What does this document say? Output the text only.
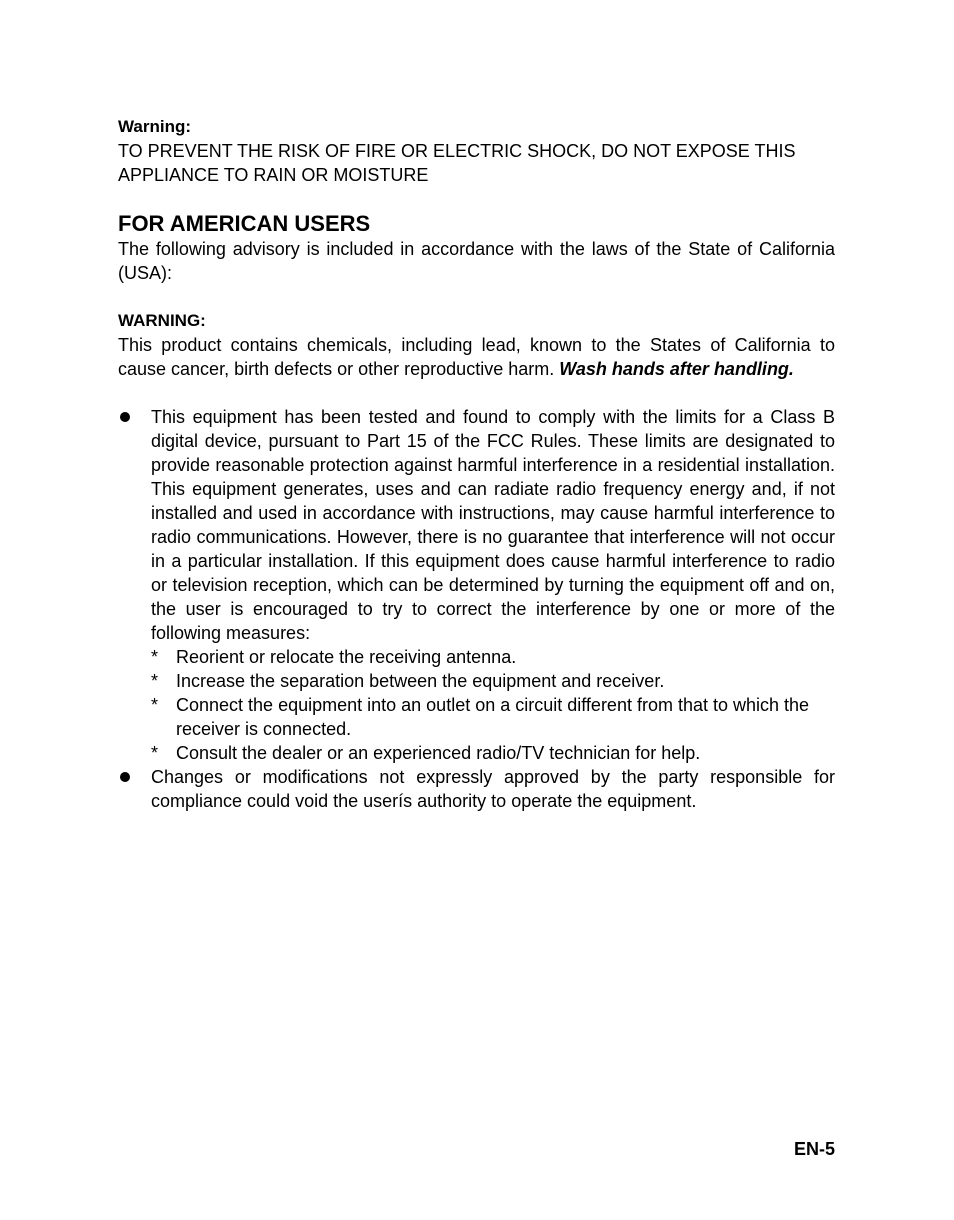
Warning:

TO PREVENT THE RISK OF FIRE OR ELECTRIC SHOCK, DO NOT EXPOSE THIS APPLIANCE TO RAIN OR MOISTURE

FOR AMERICAN USERS

The following advisory is included in accordance with the laws of the State of California (USA):

WARNING:

This product contains chemicals, including lead, known to the States of California to cause cancer, birth defects or other reproductive harm. Wash hands after handling.

This equipment has been tested and found to comply with the limits for a Class B digital device, pursuant to Part 15 of the FCC Rules. These limits are designated to provide reasonable protection against harmful interference in a residential installation. This equipment generates, uses and can radiate radio frequency energy and, if not installed and used in accordance with instructions, may cause harmful interference to radio communications. However, there is no guarantee that interference will not occur in a particular installation. If this equipment does cause harmful interference to radio or television reception, which can be determined by turning the equipment off and on, the user is encouraged to try to correct the interference by one or more of the following measures:
* Reorient or relocate the receiving antenna.
* Increase the separation between the equipment and receiver.
* Connect the equipment into an outlet on a circuit different from that to which the receiver is connected.
* Consult the dealer or an experienced radio/TV technician for help.
Changes or modifications not expressly approved by the party responsible for compliance could void the userís authority to operate the equipment.
EN-5
